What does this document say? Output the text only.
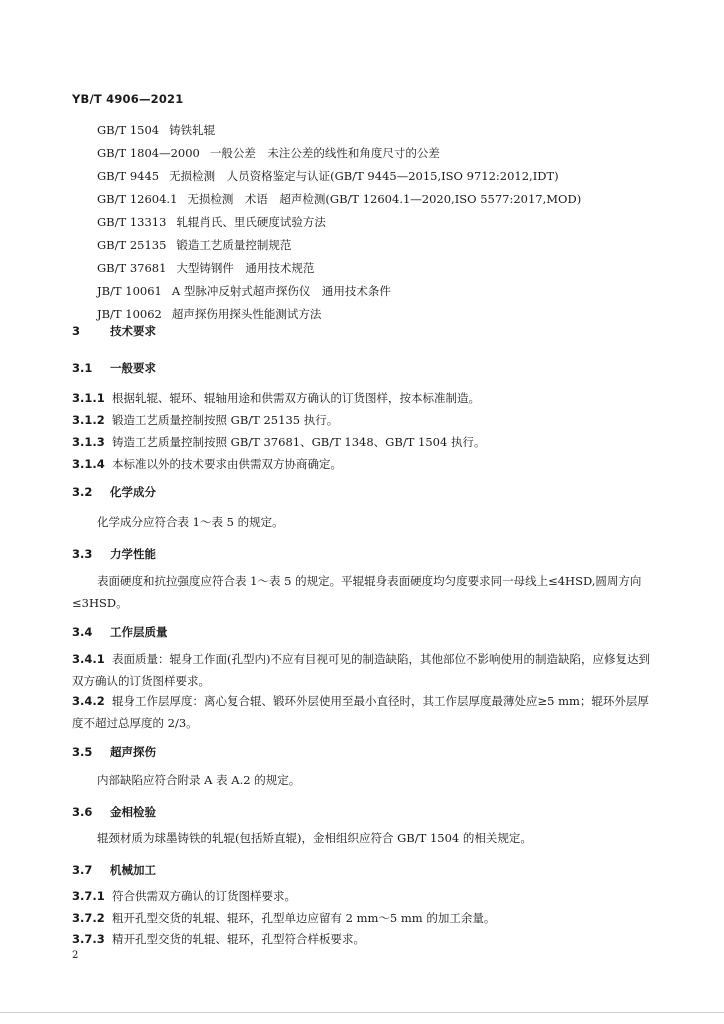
YB/T 4906—2021
GB/T 1504 铸铁轧辊
GB/T 1804—2000 一般公差　未注公差的线性和角度尺寸的公差
GB/T 9445 无损检测　人员资格鉴定与认证(GB/T 9445—2015,ISO 9712:2012,IDT)
GB/T 12604.1 无损检测　术语　超声检测(GB/T 12604.1—2020,ISO 5577:2017,MOD)
GB/T 13313 轧辊肖氏、里氏硬度试验方法
GB/T 25135 锻造工艺质量控制规范
GB/T 37681 大型铸钢件　通用技术规范
JB/T 10061 A 型脉冲反射式超声探伤仪　通用技术条件
JB/T 10062 超声探伤用探头性能测试方法
3	技术要求
3.1 一般要求
3.1.1 根据轧辊、辊环、辊轴用途和供需双方确认的订货图样，按本标准制造。
3.1.2 锻造工艺质量控制按照 GB/T 25135 执行。
3.1.3 铸造工艺质量控制按照 GB/T 37681、GB/T 1348、GB/T 1504 执行。
3.1.4 本标准以外的技术要求由供需双方协商确定。
3.2 化学成分
化学成分应符合表 1～表 5 的规定。
3.3 力学性能
表面硬度和抗拉强度应符合表 1～表 5 的规定。平辊辊身表面硬度均匀度要求同一母线上≤4HSD,圆周方向≤3HSD。
3.4 工作层质量
3.4.1 表面质量：辊身工作面(孔型内)不应有目视可见的制造缺陷，其他部位不影响使用的制造缺陷，应修复达到双方确认的订货图样要求。
3.4.2 辊身工作层厚度：离心复合辊、锻环外层使用至最小直径时，其工作层厚度最薄处应≥5 mm；辊环外层厚度不超过总厚度的 2/3。
3.5 超声探伤
内部缺陷应符合附录 A 表 A.2 的规定。
3.6 金相检验
辊颈材质为球墨铸铁的轧辊(包括矫直辊)，金相组织应符合 GB/T 1504 的相关规定。
3.7 机械加工
3.7.1 符合供需双方确认的订货图样要求。
3.7.2 粗开孔型交货的轧辊、辊环，孔型单边应留有 2 mm～5 mm 的加工余量。
3.7.3 精开孔型交货的轧辊、辊环，孔型符合样板要求。
2
